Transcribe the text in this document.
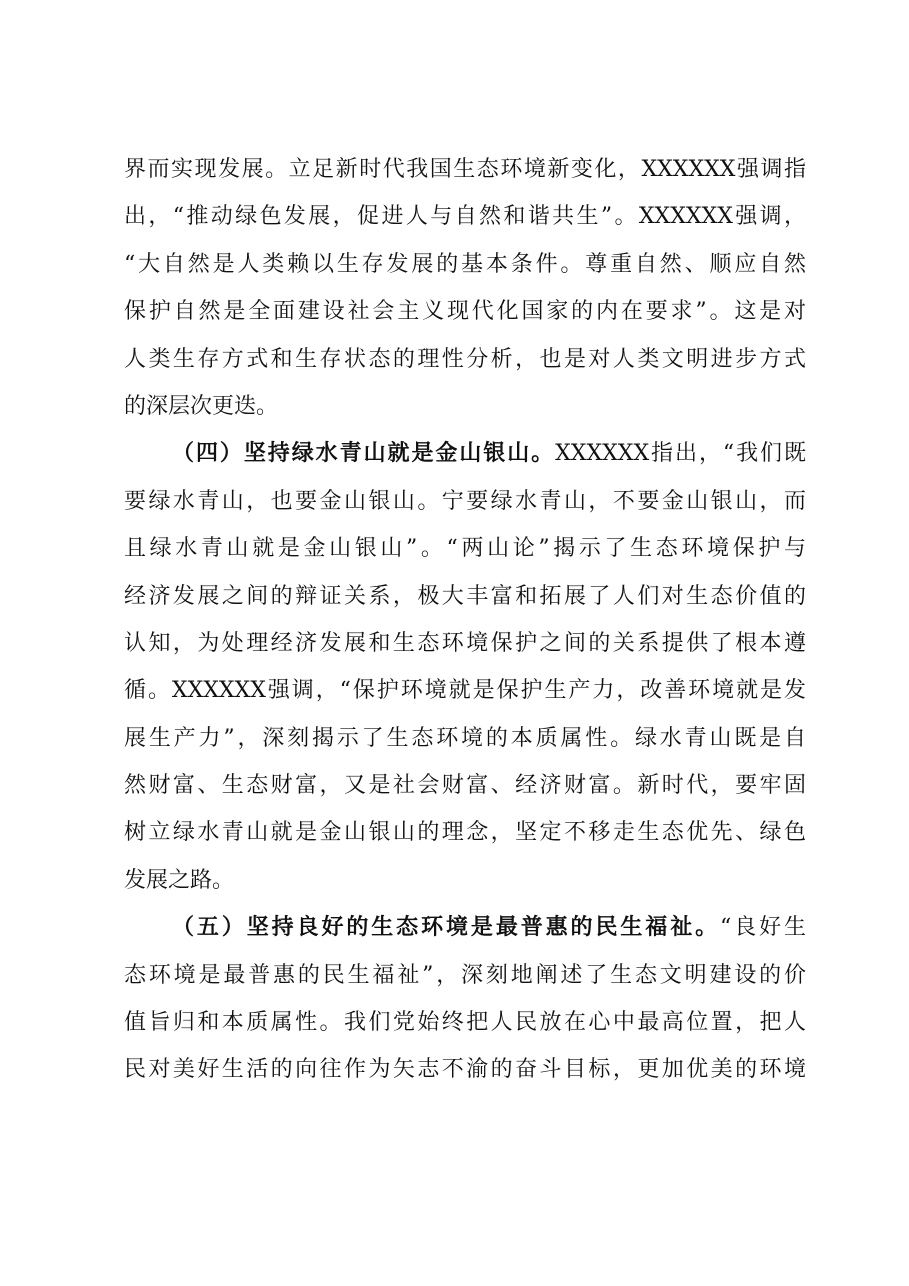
界而实现发展。立足新时代我国生态环境新变化，XXXXXX强调指
出，“推动绿色发展，促进人与自然和谐共生”。XXXXXX强调，
“大自然是人类赖以生存发展的基本条件。尊重自然、顺应自然
保护自然是全面建设社会主义现代化国家的内在要求”。这是对
人类生存方式和生存状态的理性分析，也是对人类文明进步方式
的深层次更迭。
（四）坚持绿水青山就是金山银山。XXXXXX指出，“我们既
要绿水青山，也要金山银山。宁要绿水青山，不要金山银山，而
且绿水青山就是金山银山”。“两山论”揭示了生态环境保护与
经济发展之间的辩证关系，极大丰富和拓展了人们对生态价值的
认知，为处理经济发展和生态环境保护之间的关系提供了根本遵
循。XXXXXX强调，“保护环境就是保护生产力，改善环境就是发
展生产力”，深刻揭示了生态环境的本质属性。绿水青山既是自
然财富、生态财富，又是社会财富、经济财富。新时代，要牢固
树立绿水青山就是金山银山的理念，坚定不移走生态优先、绿色
发展之路。
（五）坚持良好的生态环境是最普惠的民生福祉。“良好生
态环境是最普惠的民生福祉”，深刻地阐述了生态文明建设的价
值旨归和本质属性。我们党始终把人民放在心中最高位置，把人
民对美好生活的向往作为矢志不渝的奋斗目标，更加优美的环境
